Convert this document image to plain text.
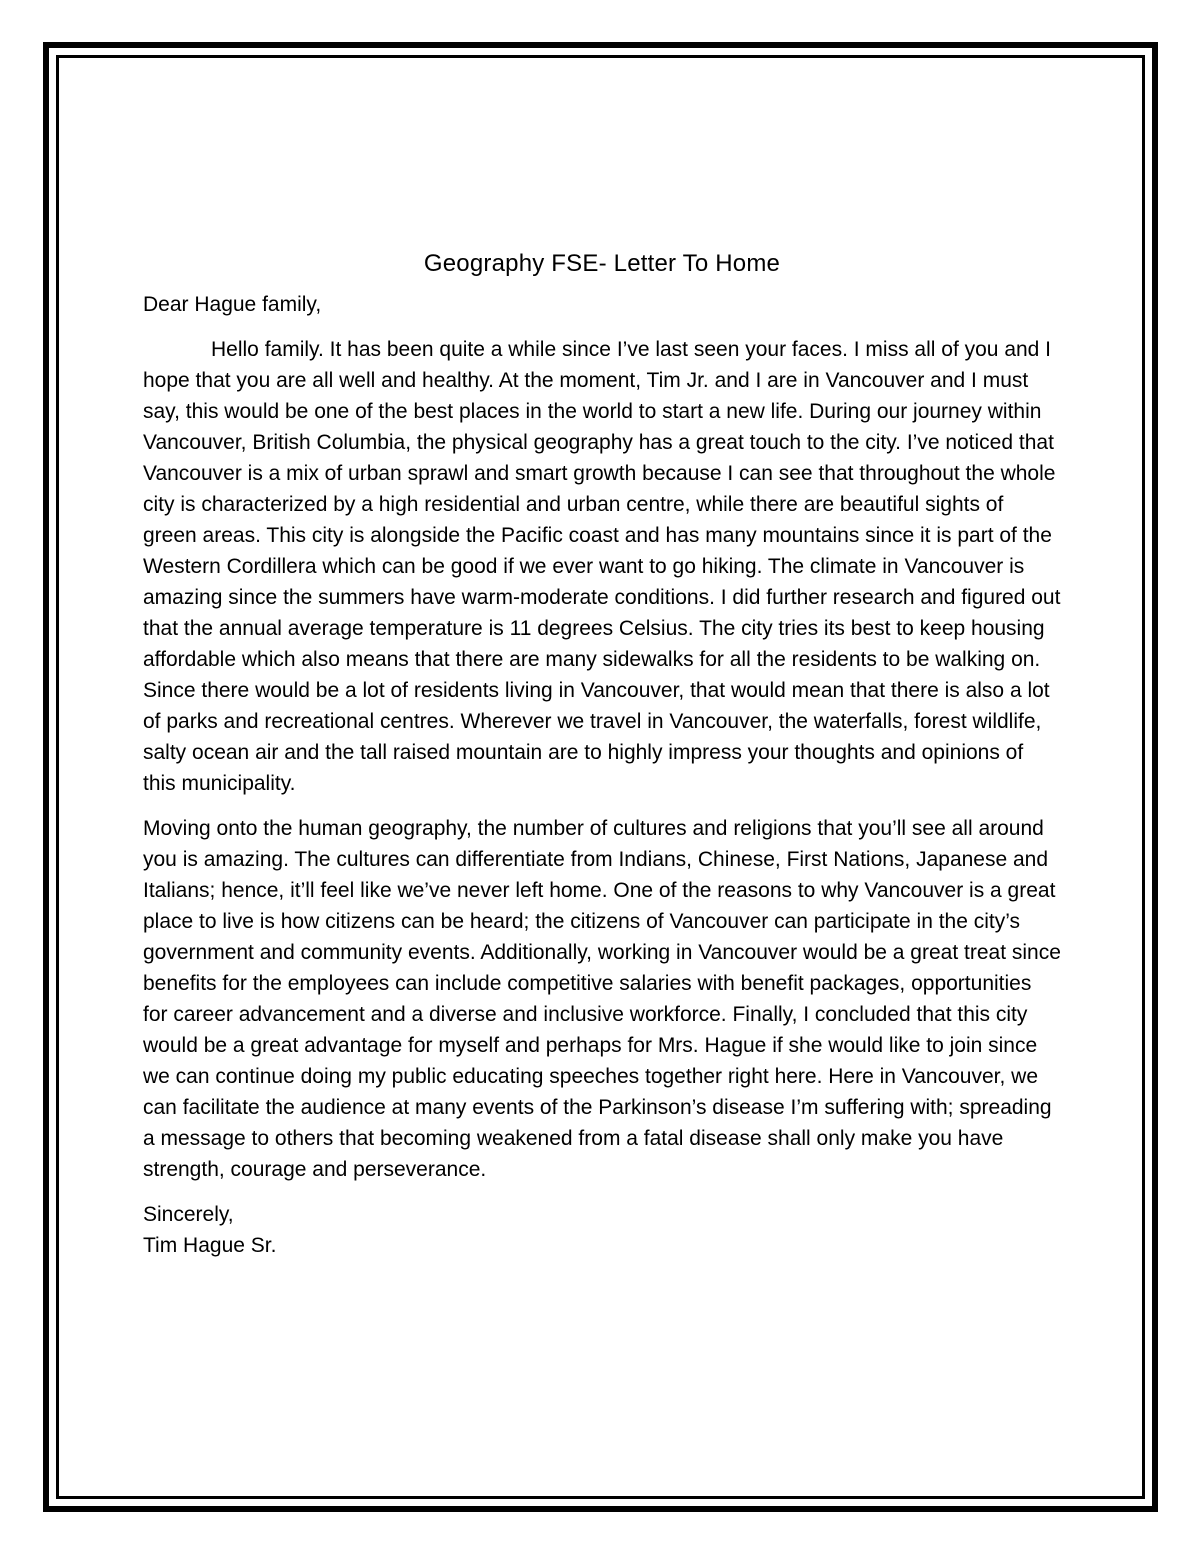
Geography FSE- Letter To Home

Dear Hague family,

Hello family. It has been quite a while since I’ve last seen your faces. I miss all of you and I hope that you are all well and healthy. At the moment, Tim Jr. and I are in Vancouver and I must say, this would be one of the best places in the world to start a new life. During our journey within Vancouver, British Columbia, the physical geography has a great touch to the city. I’ve noticed that Vancouver is a mix of urban sprawl and smart growth because I can see that throughout the whole city is characterized by a high residential and urban centre, while there are beautiful sights of green areas. This city is alongside the Pacific coast and has many mountains since it is part of the Western Cordillera which can be good if we ever want to go hiking. The climate in Vancouver is amazing since the summers have warm-moderate conditions. I did further research and figured out that the annual average temperature is 11 degrees Celsius. The city tries its best to keep housing affordable which also means that there are many sidewalks for all the residents to be walking on. Since there would be a lot of residents living in Vancouver, that would mean that there is also a lot of parks and recreational centres. Wherever we travel in Vancouver, the waterfalls, forest wildlife, salty ocean air and the tall raised mountain are to highly impress your thoughts and opinions of this municipality.

Moving onto the human geography, the number of cultures and religions that you’ll see all around you is amazing. The cultures can differentiate from Indians, Chinese, First Nations, Japanese and Italians; hence, it’ll feel like we’ve never left home. One of the reasons to why Vancouver is a great place to live is how citizens can be heard; the citizens of Vancouver can participate in the city’s government and community events. Additionally, working in Vancouver would be a great treat since benefits for the employees can include competitive salaries with benefit packages, opportunities for career advancement and a diverse and inclusive workforce. Finally, I concluded that this city would be a great advantage for myself and perhaps for Mrs. Hague if she would like to join since we can continue doing my public educating speeches together right here. Here in Vancouver, we can facilitate the audience at many events of the Parkinson’s disease I’m suffering with; spreading a message to others that becoming weakened from a fatal disease shall only make you have strength, courage and perseverance.

Sincerely,
Tim Hague Sr.
